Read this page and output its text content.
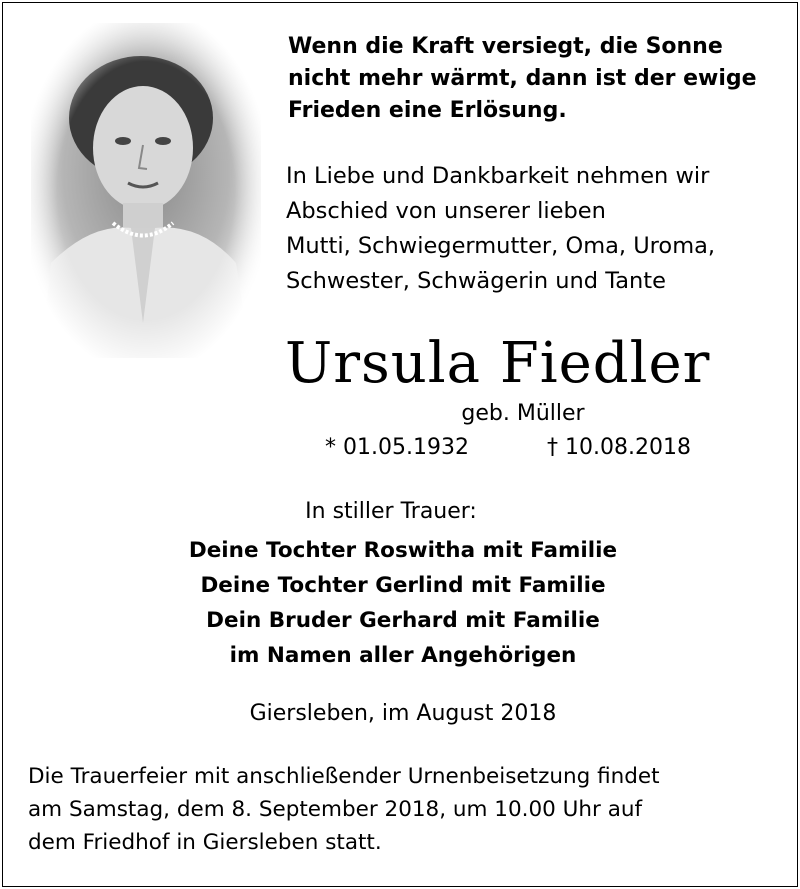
Wenn die Kraft versiegt, die Sonne
nicht mehr wärmt, dann ist der ewige
Frieden eine Erlösung.
In Liebe und Dankbarkeit nehmen wir
Abschied von unserer lieben
Mutti, Schwiegermutter, Oma, Uroma,
Schwester, Schwägerin und Tante
Ursula Fiedler
geb. Müller
* 01.05.1932	† 10.08.2018
In stiller Trauer:
Deine Tochter Roswitha mit Familie
Deine Tochter Gerlind mit Familie
Dein Bruder Gerhard mit Familie
im Namen aller Angehörigen
Giersleben, im August 2018
Die Trauerfeier mit anschließender Urnenbeisetzung findet
am Samstag, dem 8. September 2018, um 10.00 Uhr auf
dem Friedhof in Giersleben statt.
